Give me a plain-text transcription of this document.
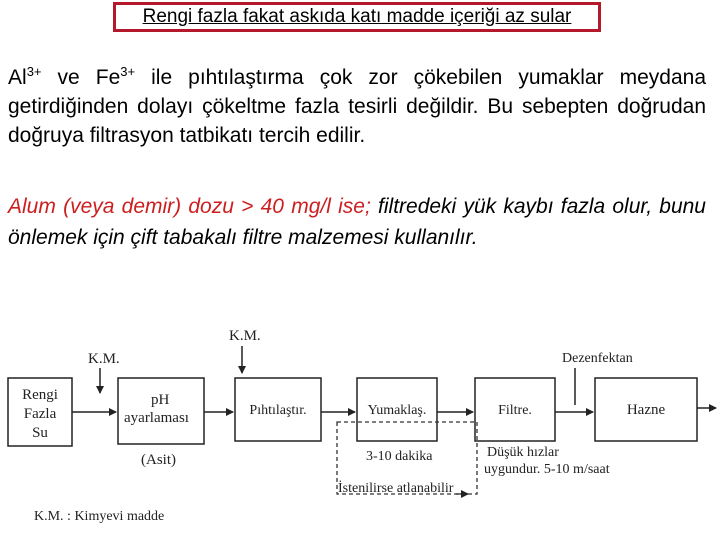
Rengi fazla fakat askıda katı madde içeriği az sular
$Al^{3+}$ ve $Fe^{3+}$ ile pıhtılaştırma çok zor çökebilen yumaklar meydana getirdiğinden dolayı çökeltme fazla tesirli değildir. Bu sebepten doğrudan doğruya filtrasyon tatbikatı tercih edilir.
Alum (veya demir) dozu > 40 mg/l ise; filtredeki yük kaybı fazla olur, bunu önlemek için çift tabakalı filtre malzemesi kullanılır.
K.M.
K.M.
Dezenfektan
Rengi
Fazla
Su
pH
ayarlaması
(Asit)
Pıhtılaştır.	Yumaklaş.	Filtre.	Hazne
3-10 dakika
İstenilirse atlanabilir
Düşük hızlar
uygundur. 5-10 m/saat
K.M. : Kimyevi madde
